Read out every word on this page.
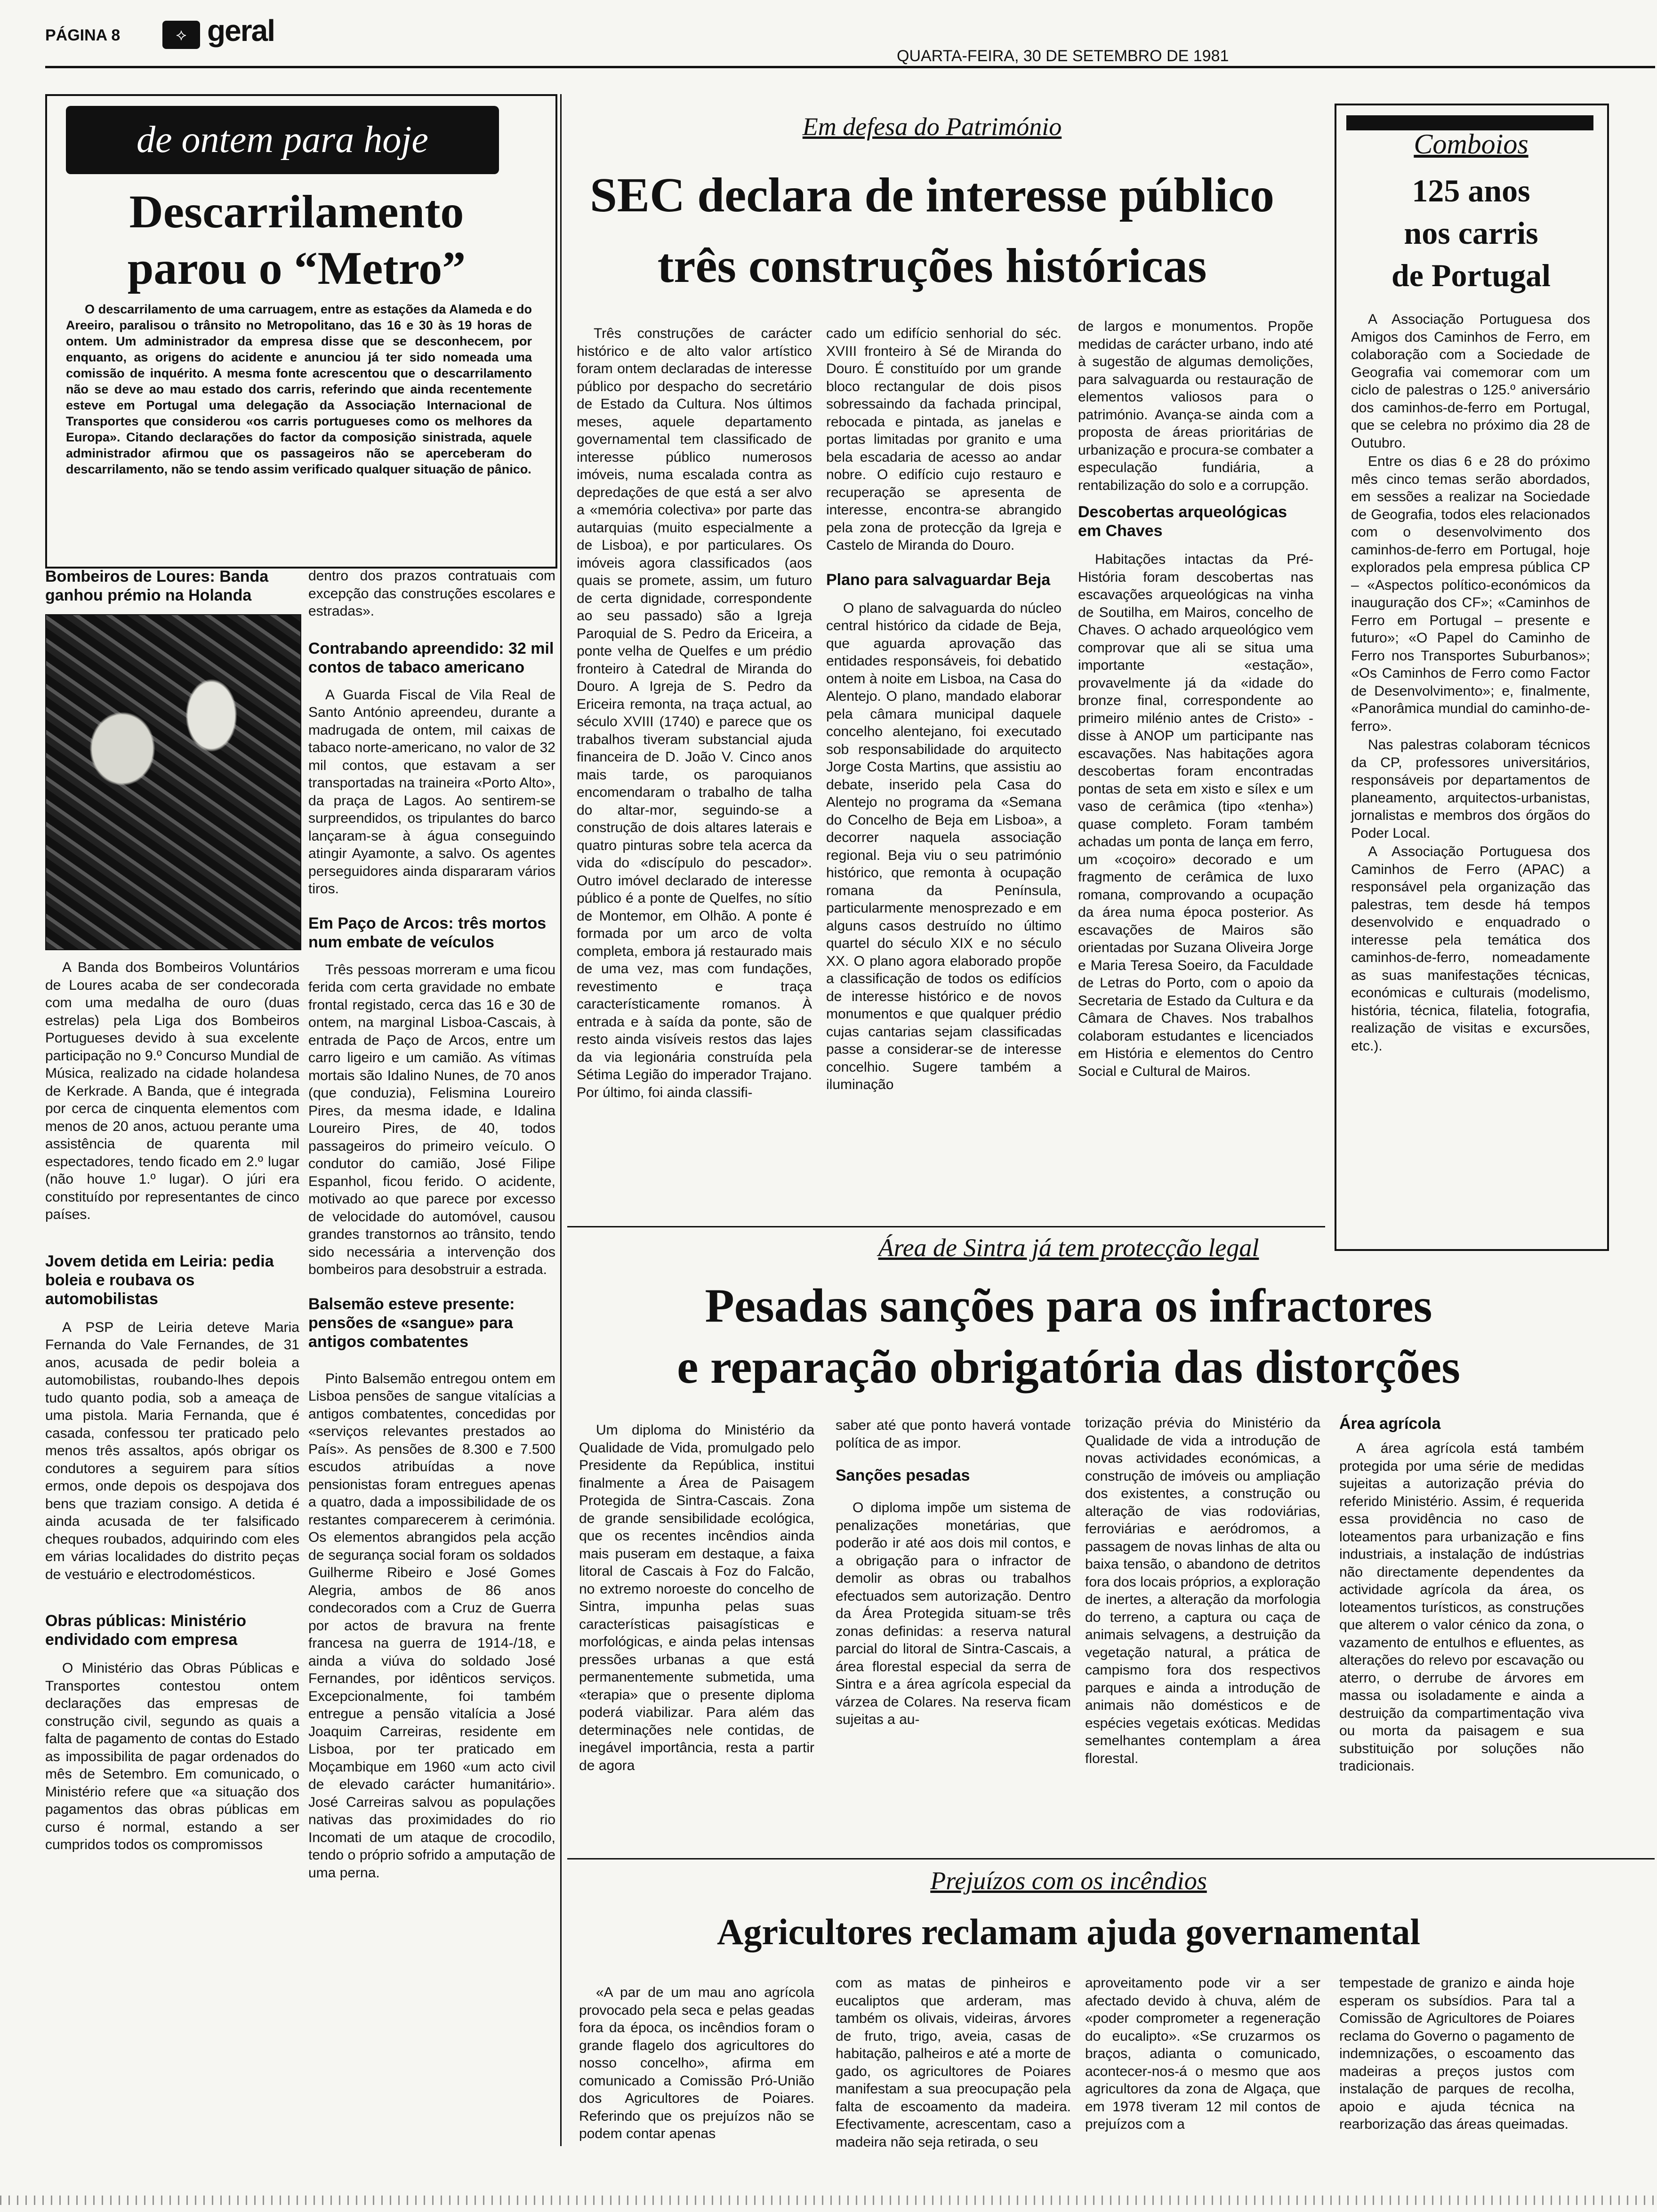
PÁGINA 8	⟡ geral
QUARTA-FEIRA, 30 DE SETEMBRO DE 1981
de ontem para hoje
Descarrilamento
parou o “Metro”
O descarrilamento de uma carruagem, entre as estações da Alameda e do Areeiro, paralisou o trânsito no Metropolitano, das 16 e 30 às 19 horas de ontem. Um administrador da empresa disse que se desconhecem, por enquanto, as origens do acidente e anunciou já ter sido nomeada uma comissão de inquérito. A mesma fonte acrescentou que o descarrilamento não se deve ao mau estado dos carris, referindo que ainda recentemente esteve em Portugal uma delegação da Associação Internacional de Transportes que considerou «os carris portugueses como os melhores da Europa». Citando declarações do factor da composição sinistrada, aquele administrador afirmou que os passageiros não se aperceberam do descarrilamento, não se tendo assim verificado qualquer situação de pânico.
Bombeiros de Loures: Banda ganhou prémio na Holanda

A Banda dos Bombeiros Voluntários de Loures acaba de ser condecorada com uma medalha de ouro (duas estrelas) pela Liga dos Bombeiros Portugueses devido à sua excelente participação no 9.º Concurso Mundial de Música, realizado na cidade holandesa de Kerkrade. A Banda, que é integrada por cerca de cinquenta elementos com menos de 20 anos, actuou perante uma assistência de quarenta mil espectadores, tendo ficado em 2.º lugar (não houve 1.º lugar). O júri era constituído por representantes de cinco países.

Jovem detida em Leiria: pedia boleia e roubava os automobilistas

A PSP de Leiria deteve Maria Fernanda do Vale Fernandes, de 31 anos, acusada de pedir boleia a automobilistas, roubando-lhes depois tudo quanto podia, sob a ameaça de uma pistola. Maria Fernanda, que é casada, confessou ter praticado pelo menos três assaltos, após obrigar os condutores a seguirem para sítios ermos, onde depois os despojava dos bens que traziam consigo. A detida é ainda acusada de ter falsificado cheques roubados, adquirindo com eles em várias localidades do distrito peças de vestuário e electrodomésticos.

Obras públicas: Ministério endividado com empresa

O Ministério das Obras Públicas e Transportes contestou ontem declarações das empresas de construção civil, segundo as quais a falta de pagamento de contas do Estado as impossibilita de pagar ordenados do mês de Setembro. Em comunicado, o Ministério refere que «a situação dos pagamentos das obras públicas em curso é normal, estando a ser cumpridos todos os compromissos

dentro dos prazos contratuais com excepção das construções escolares e estradas».

Contrabando apreendido: 32 mil contos de tabaco americano

A Guarda Fiscal de Vila Real de Santo António apreendeu, durante a madrugada de ontem, mil caixas de tabaco norte-americano, no valor de 32 mil contos, que estavam a ser transportadas na traineira «Porto Alto», da praça de Lagos. Ao sentirem-se surpreendidos, os tripulantes do barco lançaram-se à água conseguindo atingir Ayamonte, a salvo. Os agentes perseguidores ainda dispararam vários tiros.

Em Paço de Arcos: três mortos num embate de veículos

Três pessoas morreram e uma ficou ferida com certa gravidade no embate frontal registado, cerca das 16 e 30 de ontem, na marginal Lisboa-Cascais, à entrada de Paço de Arcos, entre um carro ligeiro e um camião. As vítimas mortais são Idalino Nunes, de 70 anos (que conduzia), Felismina Loureiro Pires, da mesma idade, e Idalina Loureiro Pires, de 40, todos passageiros do primeiro veículo. O condutor do camião, José Filipe Espanhol, ficou ferido. O acidente, motivado ao que parece por excesso de velocidade do automóvel, causou grandes transtornos ao trânsito, tendo sido necessária a intervenção dos bombeiros para desobstruir a estrada.

Balsemão esteve presente: pensões de «sangue» para antigos combatentes

Pinto Balsemão entregou ontem em Lisboa pensões de sangue vitalícias a antigos combatentes, concedidas por «serviços relevantes prestados ao País». As pensões de 8.300 e 7.500 escudos atribuídas a nove pensionistas foram entregues apenas a quatro, dada a impossibilidade de os restantes comparecerem à cerimónia. Os elementos abrangidos pela acção de segurança social foram os soldados Guilherme Ribeiro e José Gomes Alegria, ambos de 86 anos condecorados com a Cruz de Guerra por actos de bravura na frente francesa na guerra de 1914-/18, e ainda a viúva do soldado José Fernandes, por idênticos serviços. Excepcionalmente, foi também entregue a pensão vitalícia a José Joaquim Carreiras, residente em Lisboa, por ter praticado em Moçambique em 1960 «um acto civil de elevado carácter humanitário». José Carreiras salvou as populações nativas das proximidades do rio Incomati de um ataque de crocodilo, tendo o próprio sofrido a amputação de uma perna.

Em defesa do Património
SEC declara de interesse público
três construções históricas

Três construções de carácter histórico e de alto valor artístico foram ontem declaradas de interesse público por despacho do secretário de Estado da Cultura. Nos últimos meses, aquele departamento governamental tem classificado de interesse público numerosos imóveis, numa escalada contra as depredações de que está a ser alvo a «memória colectiva» por parte das autarquias (muito especialmente a de Lisboa), e por particulares. Os imóveis agora classificados (aos quais se promete, assim, um futuro de certa dignidade, correspondente ao seu passado) são a Igreja Paroquial de S. Pedro da Ericeira, a ponte velha de Quelfes e um prédio fronteiro à Catedral de Miranda do Douro. A Igreja de S. Pedro da Ericeira remonta, na traça actual, ao século XVIII (1740) e parece que os trabalhos tiveram substancial ajuda financeira de D. João V. Cinco anos mais tarde, os paroquianos encomendaram o trabalho de talha do altar-mor, seguindo-se a construção de dois altares laterais e quatro pinturas sobre tela acerca da vida do «discípulo do pescador». Outro imóvel declarado de interesse público é a ponte de Quelfes, no sítio de Montemor, em Olhão. A ponte é formada por um arco de volta completa, embora já restaurado mais de uma vez, mas com fundações, revestimento e traça característicamente romanos. À entrada e à saída da ponte, são de resto ainda visíveis restos das lajes da via legionária construída pela Sétima Legião do imperador Trajano. Por último, foi ainda classifi-

cado um edifício senhorial do séc. XVIII fronteiro à Sé de Miranda do Douro. É constituído por um grande bloco rectangular de dois pisos sobressaindo da fachada principal, rebocada e pintada, as janelas e portas limitadas por granito e uma bela escadaria de acesso ao andar nobre. O edifício cujo restauro e recuperação se apresenta de interesse, encontra-se abrangido pela zona de protecção da Igreja e Castelo de Miranda do Douro.

Plano para salvaguardar Beja

O plano de salvaguarda do núcleo central histórico da cidade de Beja, que aguarda aprovação das entidades responsáveis, foi debatido ontem à noite em Lisboa, na Casa do Alentejo. O plano, mandado elaborar pela câmara municipal daquele concelho alentejano, foi executado sob responsabilidade do arquitecto Jorge Costa Martins, que assistiu ao debate, inserido pela Casa do Alentejo no programa da «Semana do Concelho de Beja em Lisboa», a decorrer naquela associação regional. Beja viu o seu património histórico, que remonta à ocupação romana da Península, particularmente menosprezado e em alguns casos destruído no último quartel do século XIX e no século XX. O plano agora elaborado propõe a classificação de todos os edifícios de interesse histórico e de novos monumentos e que qualquer prédio cujas cantarias sejam classificadas passe a considerar-se de interesse concelhio. Sugere também a iluminação

de largos e monumentos. Propõe medidas de carácter urbano, indo até à sugestão de algumas demolições, para salvaguarda ou restauração de elementos valiosos para o património. Avança-se ainda com a proposta de áreas prioritárias de urbanização e procura-se combater a especulação fundiária, a rentabilização do solo e a corrupção.

Descobertas arqueológicas em Chaves

Habitações intactas da Pré-História foram descobertas nas escavações arqueológicas na vinha de Soutilha, em Mairos, concelho de Chaves. O achado arqueológico vem comprovar que ali se situa uma importante «estação», provavelmente já da «idade do bronze final, correspondente ao primeiro milénio antes de Cristo» - disse à ANOP um participante nas escavações. Nas habitações agora descobertas foram encontradas pontas de seta em xisto e sílex e um vaso de cerâmica (tipo «tenha») quase completo. Foram também achadas um ponta de lança em ferro, um «coçoiro» decorado e um fragmento de cerâmica de luxo romana, comprovando a ocupação da área numa época posterior. As escavações de Mairos são orientadas por Suzana Oliveira Jorge e Maria Teresa Soeiro, da Faculdade de Letras do Porto, com o apoio da Secretaria de Estado da Cultura e da Câmara de Chaves. Nos trabalhos colaboram estudantes e licenciados em História e elementos do Centro Social e Cultural de Mairos.

Comboios
125 anos
nos carris
de Portugal

A Associação Portuguesa dos Amigos dos Caminhos de Ferro, em colaboração com a Sociedade de Geografia vai comemorar com um ciclo de palestras o 125.º aniversário dos caminhos-de-ferro em Portugal, que se celebra no próximo dia 28 de Outubro.

Entre os dias 6 e 28 do próximo mês cinco temas serão abordados, em sessões a realizar na Sociedade de Geografia, todos eles relacionados com o desenvolvimento dos caminhos-de-ferro em Portugal, hoje explorados pela empresa pública CP – «Aspectos político-económicos da inauguração dos CF»; «Caminhos de Ferro em Portugal – presente e futuro»; «O Papel do Caminho de Ferro nos Transportes Suburbanos»; «Os Caminhos de Ferro como Factor de Desenvolvimento»; e, finalmente, «Panorâmica mundial do caminho-de-ferro».

Nas palestras colaboram técnicos da CP, professores universitários, responsáveis por departamentos de planeamento, arquitectos-urbanistas, jornalistas e membros dos órgãos do Poder Local.

A Associação Portuguesa dos Caminhos de Ferro (APAC) a responsável pela organização das palestras, tem desde há tempos desenvolvido e enquadrado o interesse pela temática dos caminhos-de-ferro, nomeadamente as suas manifestações técnicas, económicas e culturais (modelismo, história, técnica, filatelia, fotografia, realização de visitas e excursões, etc.).

Área de Sintra já tem protecção legal
Pesadas sanções para os infractores
e reparação obrigatória das distorções

Um diploma do Ministério da Qualidade de Vida, promulgado pelo Presidente da República, institui finalmente a Área de Paisagem Protegida de Sintra-Cascais. Zona de grande sensibilidade ecológica, que os recentes incêndios ainda mais puseram em destaque, a faixa litoral de Cascais à Foz do Falcão, no extremo noroeste do concelho de Sintra, impunha pelas suas características paisagísticas e morfológicas, e ainda pelas intensas pressões urbanas a que está permanentemente submetida, uma «terapia» que o presente diploma poderá viabilizar. Para além das determinações nele contidas, de inegável importância, resta a partir de agora

saber até que ponto haverá vontade política de as impor.

Sanções pesadas

O diploma impõe um sistema de penalizações monetárias, que poderão ir até aos dois mil contos, e a obrigação para o infractor de demolir as obras ou trabalhos efectuados sem autorização. Dentro da Área Protegida situam-se três zonas definidas: a reserva natural parcial do litoral de Sintra-Cascais, a área florestal especial da serra de Sintra e a área agrícola especial da várzea de Colares. Na reserva ficam sujeitas a au-

torização prévia do Ministério da Qualidade de vida a introdução de novas actividades económicas, a construção de imóveis ou ampliação dos existentes, a construção ou alteração de vias rodoviárias, ferroviárias e aeródromos, a passagem de novas linhas de alta ou baixa tensão, o abandono de detritos fora dos locais próprios, a exploração de inertes, a alteração da morfologia do terreno, a captura ou caça de animais selvagens, a destruição da vegetação natural, a prática de campismo fora dos respectivos parques e ainda a introdução de animais não domésticos e de espécies vegetais exóticas. Medidas semelhantes contemplam a área florestal.

Área agrícola

A área agrícola está também protegida por uma série de medidas sujeitas a autorização prévia do referido Ministério. Assim, é requerida essa providência no caso de loteamentos para urbanização e fins industriais, a instalação de indústrias não directamente dependentes da actividade agrícola da área, os loteamentos turísticos, as construções que alterem o valor cénico da zona, o vazamento de entulhos e efluentes, as alterações do relevo por escavação ou aterro, o derrube de árvores em massa ou isoladamente e ainda a destruição da compartimentação viva ou morta da paisagem e sua substituição por soluções não tradicionais.

Prejuízos com os incêndios
Agricultores reclamam ajuda governamental

«A par de um mau ano agrícola provocado pela seca e pelas geadas fora da época, os incêndios foram o grande flagelo dos agricultores do nosso concelho», afirma em comunicado a Comissão Pró-União dos Agricultores de Poiares. Referindo que os prejuízos não se podem contar apenas

com as matas de pinheiros e eucaliptos que arderam, mas também os olivais, videiras, árvores de fruto, trigo, aveia, casas de habitação, palheiros e até a morte de gado, os agricultores de Poiares manifestam a sua preocupação pela falta de escoamento da madeira. Efectivamente, acrescentam, caso a madeira não seja retirada, o seu

aproveitamento pode vir a ser afectado devido à chuva, além de «poder comprometer a regeneração do eucalipto». «Se cruzarmos os braços, adianta o comunicado, acontecer-nos-á o mesmo que aos agricultores da zona de Algaça, que em 1978 tiveram 12 mil contos de prejuízos com a

tempestade de granizo e ainda hoje esperam os subsídios. Para tal a Comissão de Agricultores de Poiares reclama do Governo o pagamento de indemnizações, o escoamento das madeiras a preços justos com instalação de parques de recolha, apoio e ajuda técnica na rearborização das áreas queimadas.
